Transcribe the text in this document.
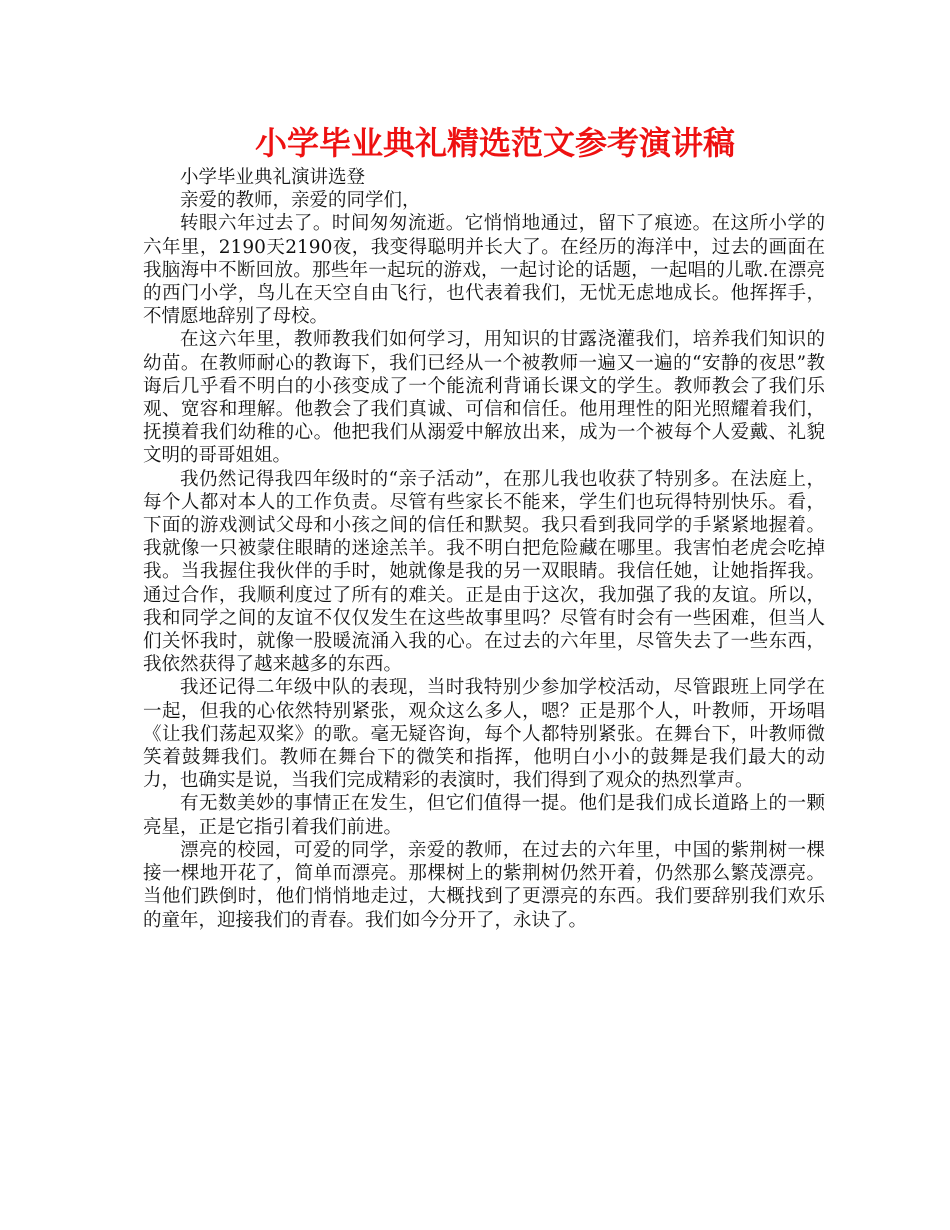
小学毕业典礼精选范文参考演讲稿

小学毕业典礼演讲选登

亲爱的教师，亲爱的同学们，

转眼六年过去了。时间匆匆流逝。它悄悄地通过，留下了痕迹。在这所小学的六年里，2190天2190夜，我变得聪明并长大了。在经历的海洋中，过去的画面在我脑海中不断回放。那些年一起玩的游戏，一起讨论的话题，一起唱的儿歌.在漂亮的西门小学，鸟儿在天空自由飞行，也代表着我们，无忧无虑地成长。他挥挥手，不情愿地辞别了母校。

在这六年里，教师教我们如何学习，用知识的甘露浇灌我们，培养我们知识的幼苗。在教师耐心的教诲下，我们已经从一个被教师一遍又一遍的“安静的夜思”教诲后几乎看不明白的小孩变成了一个能流利背诵长课文的学生。教师教会了我们乐观、宽容和理解。他教会了我们真诚、可信和信任。他用理性的阳光照耀着我们，抚摸着我们幼稚的心。他把我们从溺爱中解放出来，成为一个被每个人爱戴、礼貌文明的哥哥姐姐。

我仍然记得我四年级时的“亲子活动”，在那儿我也收获了特别多。在法庭上，每个人都对本人的工作负责。尽管有些家长不能来，学生们也玩得特别快乐。看，下面的游戏测试父母和小孩之间的信任和默契。我只看到我同学的手紧紧地握着。我就像一只被蒙住眼睛的迷途羔羊。我不明白把危险藏在哪里。我害怕老虎会吃掉我。当我握住我伙伴的手时，她就像是我的另一双眼睛。我信任她，让她指挥我。通过合作，我顺利度过了所有的难关。正是由于这次，我加强了我的友谊。所以，我和同学之间的友谊不仅仅发生在这些故事里吗？尽管有时会有一些困难，但当人们关怀我时，就像一股暖流涌入我的心。在过去的六年里，尽管失去了一些东西，我依然获得了越来越多的东西。

我还记得二年级中队的表现，当时我特别少参加学校活动，尽管跟班上同学在一起，但我的心依然特别紧张，观众这么多人，嗯？正是那个人，叶教师，开场唱《让我们荡起双桨》的歌。毫无疑咨询，每个人都特别紧张。在舞台下，叶教师微笑着鼓舞我们。教师在舞台下的微笑和指挥，他明白小小的鼓舞是我们最大的动力，也确实是说，当我们完成精彩的表演时，我们得到了观众的热烈掌声。

有无数美妙的事情正在发生，但它们值得一提。他们是我们成长道路上的一颗亮星，正是它指引着我们前进。

漂亮的校园，可爱的同学，亲爱的教师，在过去的六年里，中国的紫荆树一棵接一棵地开花了，简单而漂亮。那棵树上的紫荆树仍然开着，仍然那么繁茂漂亮。当他们跌倒时，他们悄悄地走过，大概找到了更漂亮的东西。我们要辞别我们欢乐的童年，迎接我们的青春。我们如今分开了，永诀了。
